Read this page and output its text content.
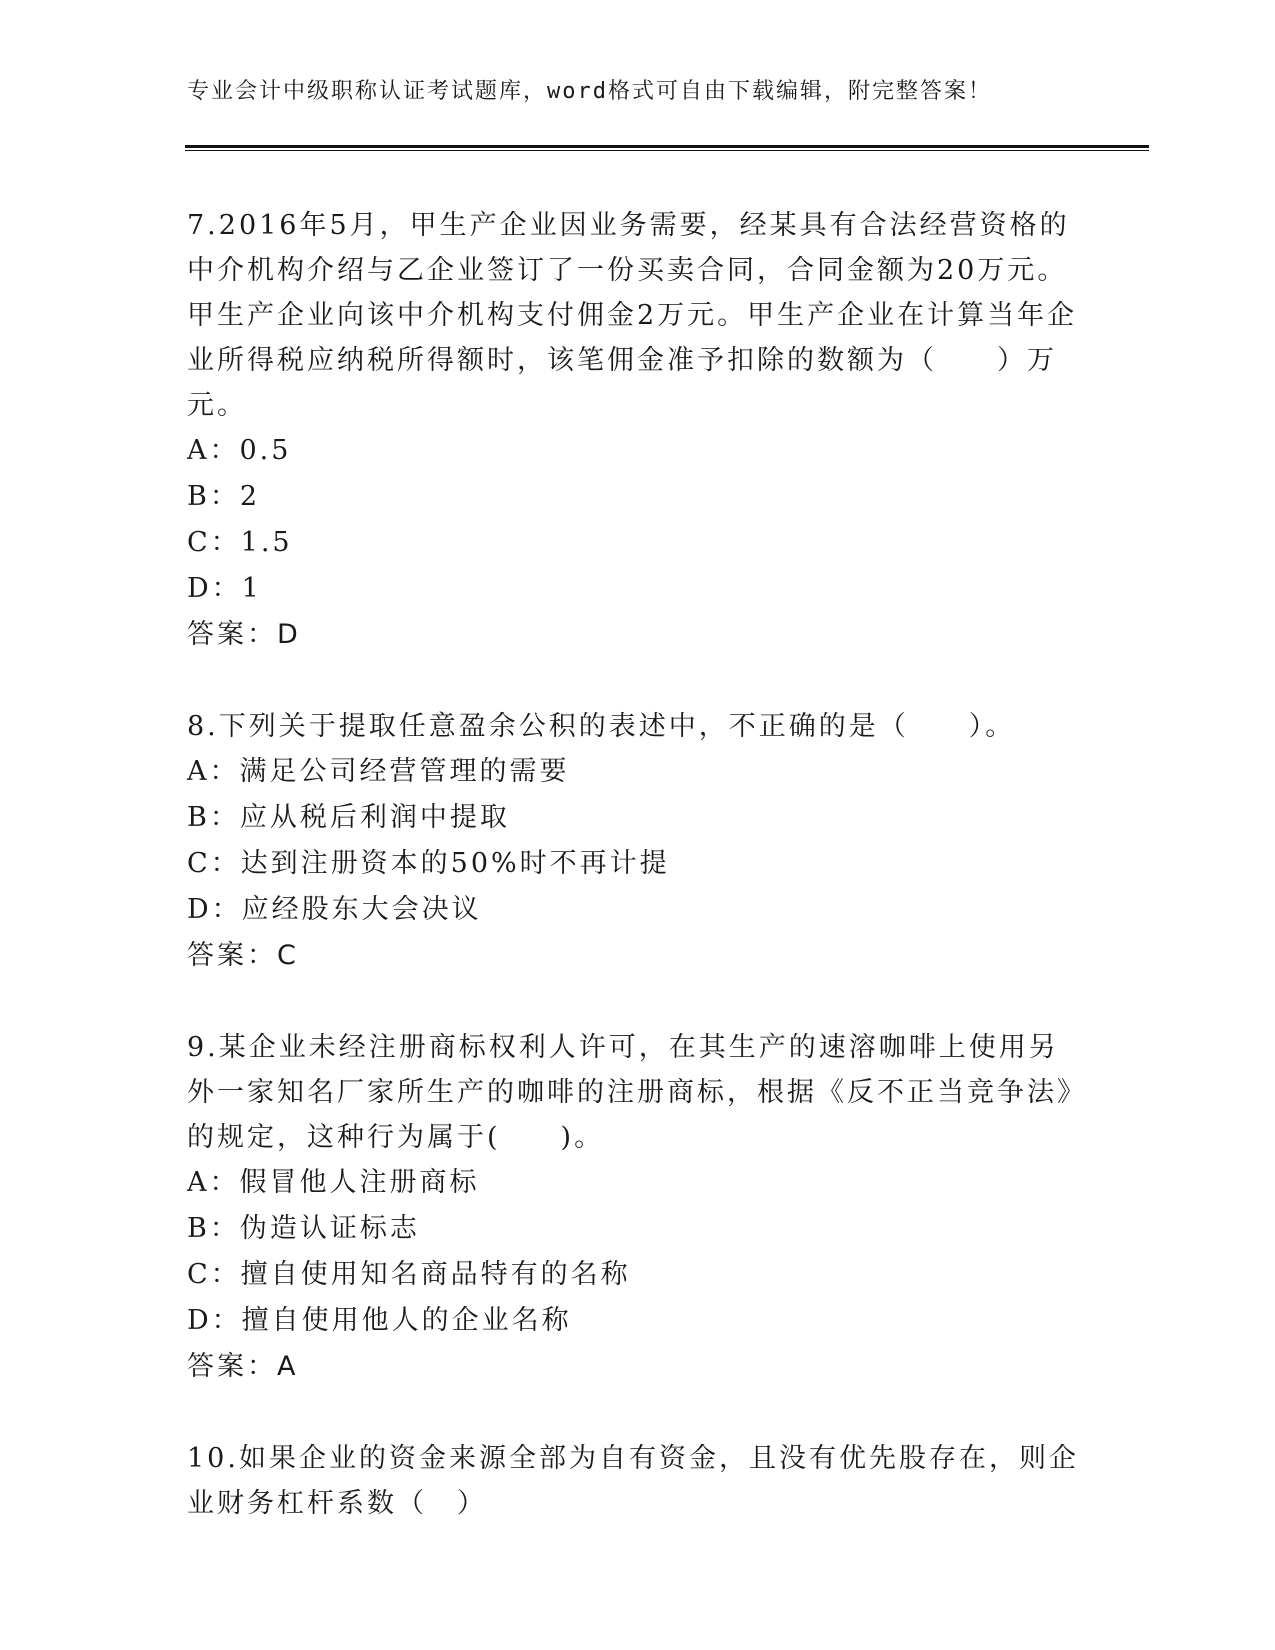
专业会计中级职称认证考试题库，word格式可自由下载编辑，附完整答案！

7.2016年5月，甲生产企业因业务需要，经某具有合法经营资格的中介机构介绍与乙企业签订了一份买卖合同，合同金额为20万元。甲生产企业向该中介机构支付佣金2万元。甲生产企业在计算当年企业所得税应纳税所得额时，该笔佣金准予扣除的数额为（　　）万元。

A：0.5

B：2

C：1.5

D：1

答案：D

8.下列关于提取任意盈余公积的表述中，不正确的是（　　）。

A：满足公司经营管理的需要

B：应从税后利润中提取

C：达到注册资本的50%时不再计提

D：应经股东大会决议

答案：C

9.某企业未经注册商标权利人许可，在其生产的速溶咖啡上使用另外一家知名厂家所生产的咖啡的注册商标，根据《反不正当竞争法》的规定，这种行为属于(　　)。

A：假冒他人注册商标

B：伪造认证标志

C：擅自使用知名商品特有的名称

D：擅自使用他人的企业名称

答案：A

10.如果企业的资金来源全部为自有资金，且没有优先股存在，则企业财务杠杆系数（　）
